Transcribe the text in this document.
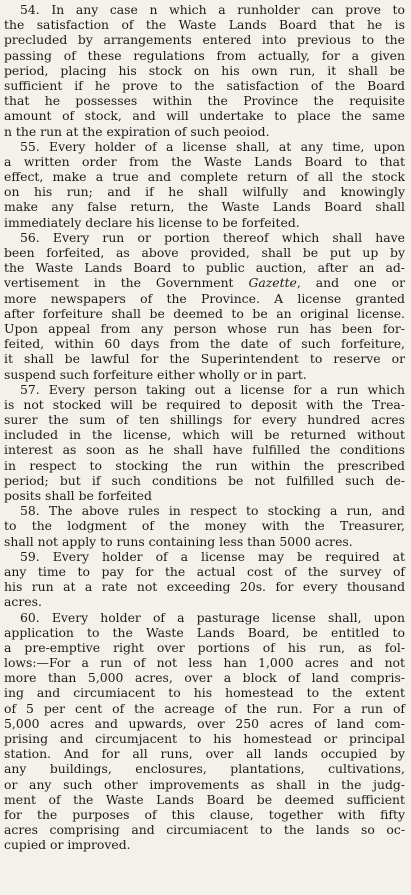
54. In any case n which a runholder can prove to
the satisfaction of the Waste Lands Board that he is
precluded by arrangements entered into previous to the
passing of these regulations from actually, for a given
period, placing his stock on his own run, it shall be
sufficient if he prove to the satisfaction of the Board
that he possesses within the Province the requisite
amount of stock, and will undertake to place the same
n the run at the expiration of such peoiod.
55. Every holder of a license shall, at any time, upon
a written order from the Waste Lands Board to that
effect, make a true and complete return of all the stock
on his run; and if he shall wilfully and knowingly
make any false return, the Waste Lands Board shall
immediately declare his license to be forfeited.
56. Every run or portion thereof which shall have
been forfeited, as above provided, shall be put up by
the Waste Lands Board to public auction, after an ad-
vertisement in the Government Gazette, and one or
more newspapers of the Province. A license granted
after forfeiture shall be deemed to be an original license.
Upon appeal from any person whose run has been for-
feited, within 60 days from the date of such forfeiture,
it shall be lawful for the Superintendent to reserve or
suspend such forfeiture either wholly or in part.
57. Every person taking out a license for a run which
is not stocked will be required to deposit with the Trea-
surer the sum of ten shillings for every hundred acres
included in the license, which will be returned without
interest as soon as he shall have fulfilled the conditions
in respect to stocking the run within the prescribed
period; but if such conditions be not fulfilled such de-
posits shall be forfeited
58. The above rules in respect to stocking a run, and
to the lodgment of the money with the Treasurer,
shall not apply to runs containing less than 5000 acres.
59. Every holder of a license may be required at
any time to pay for the actual cost of the survey of
his run at a rate not exceeding 20s. for every thousand
acres.
60. Every holder of a pasturage license shall, upon
application to the Waste Lands Board, be entitled to
a pre-emptive right over portions of his run, as fol-
lows:—For a run of not less han 1,000 acres and not
more than 5,000 acres, over a block of land compris-
ing and circumiacent to his homestead to the extent
of 5 per cent of the acreage of the run. For a run of
5,000 acres and upwards, over 250 acres of land com-
prising and circumjacent to his homestead or principal
station. And for all runs, over all lands occupied by
any buildings, enclosures, plantations, cultivations,
or any such other improvements as shall in the judg-
ment of the Waste Lands Board be deemed sufficient
for the purposes of this clause, together with fifty
acres comprising and circumiacent to the lands so oc-
cupied or improved.
